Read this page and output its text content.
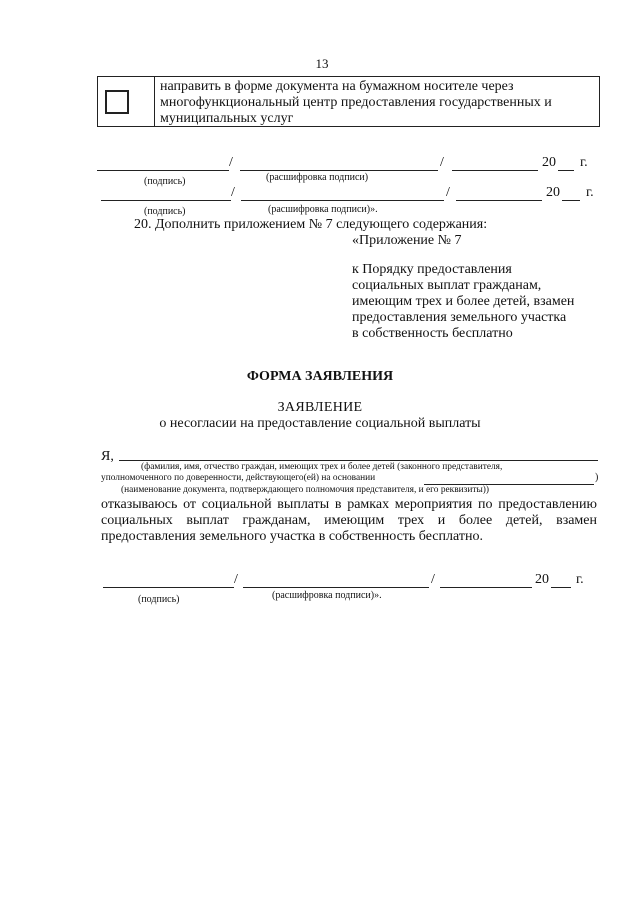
13
направить в форме документа на бумажном носителе через
многофункциональный центр предоставления государственных и
муниципальных услуг
/	/	20 г.
(подпись)	(расшифровка подписи)
/	/	20 г.
(подпись)	(расшифровка подписи)».
20. Дополнить приложением № 7 следующего содержания:
«Приложение № 7
к Порядку предоставления
социальных выплат гражданам,
имеющим трех и более детей, взамен
предоставления земельного участка
в собственность бесплатно
ФОРМА ЗАЯВЛЕНИЯ
ЗАЯВЛЕНИЕ
о несогласии на предоставление социальной выплаты
Я,
(фамилия, имя, отчество граждан, имеющих трех и более детей (законного представителя,
уполномоченного по доверенности, действующего(ей) на основании	)
(наименование документа, подтверждающего полномочия представителя, и его реквизиты))
отказываюсь от социальной выплаты в рамках мероприятия по предоставлению
социальных выплат гражданам, имеющим трех и более детей, взамен
предоставления земельного участка в собственность бесплатно.
/	/	20 г.
(подпись)	(расшифровка подписи)».
